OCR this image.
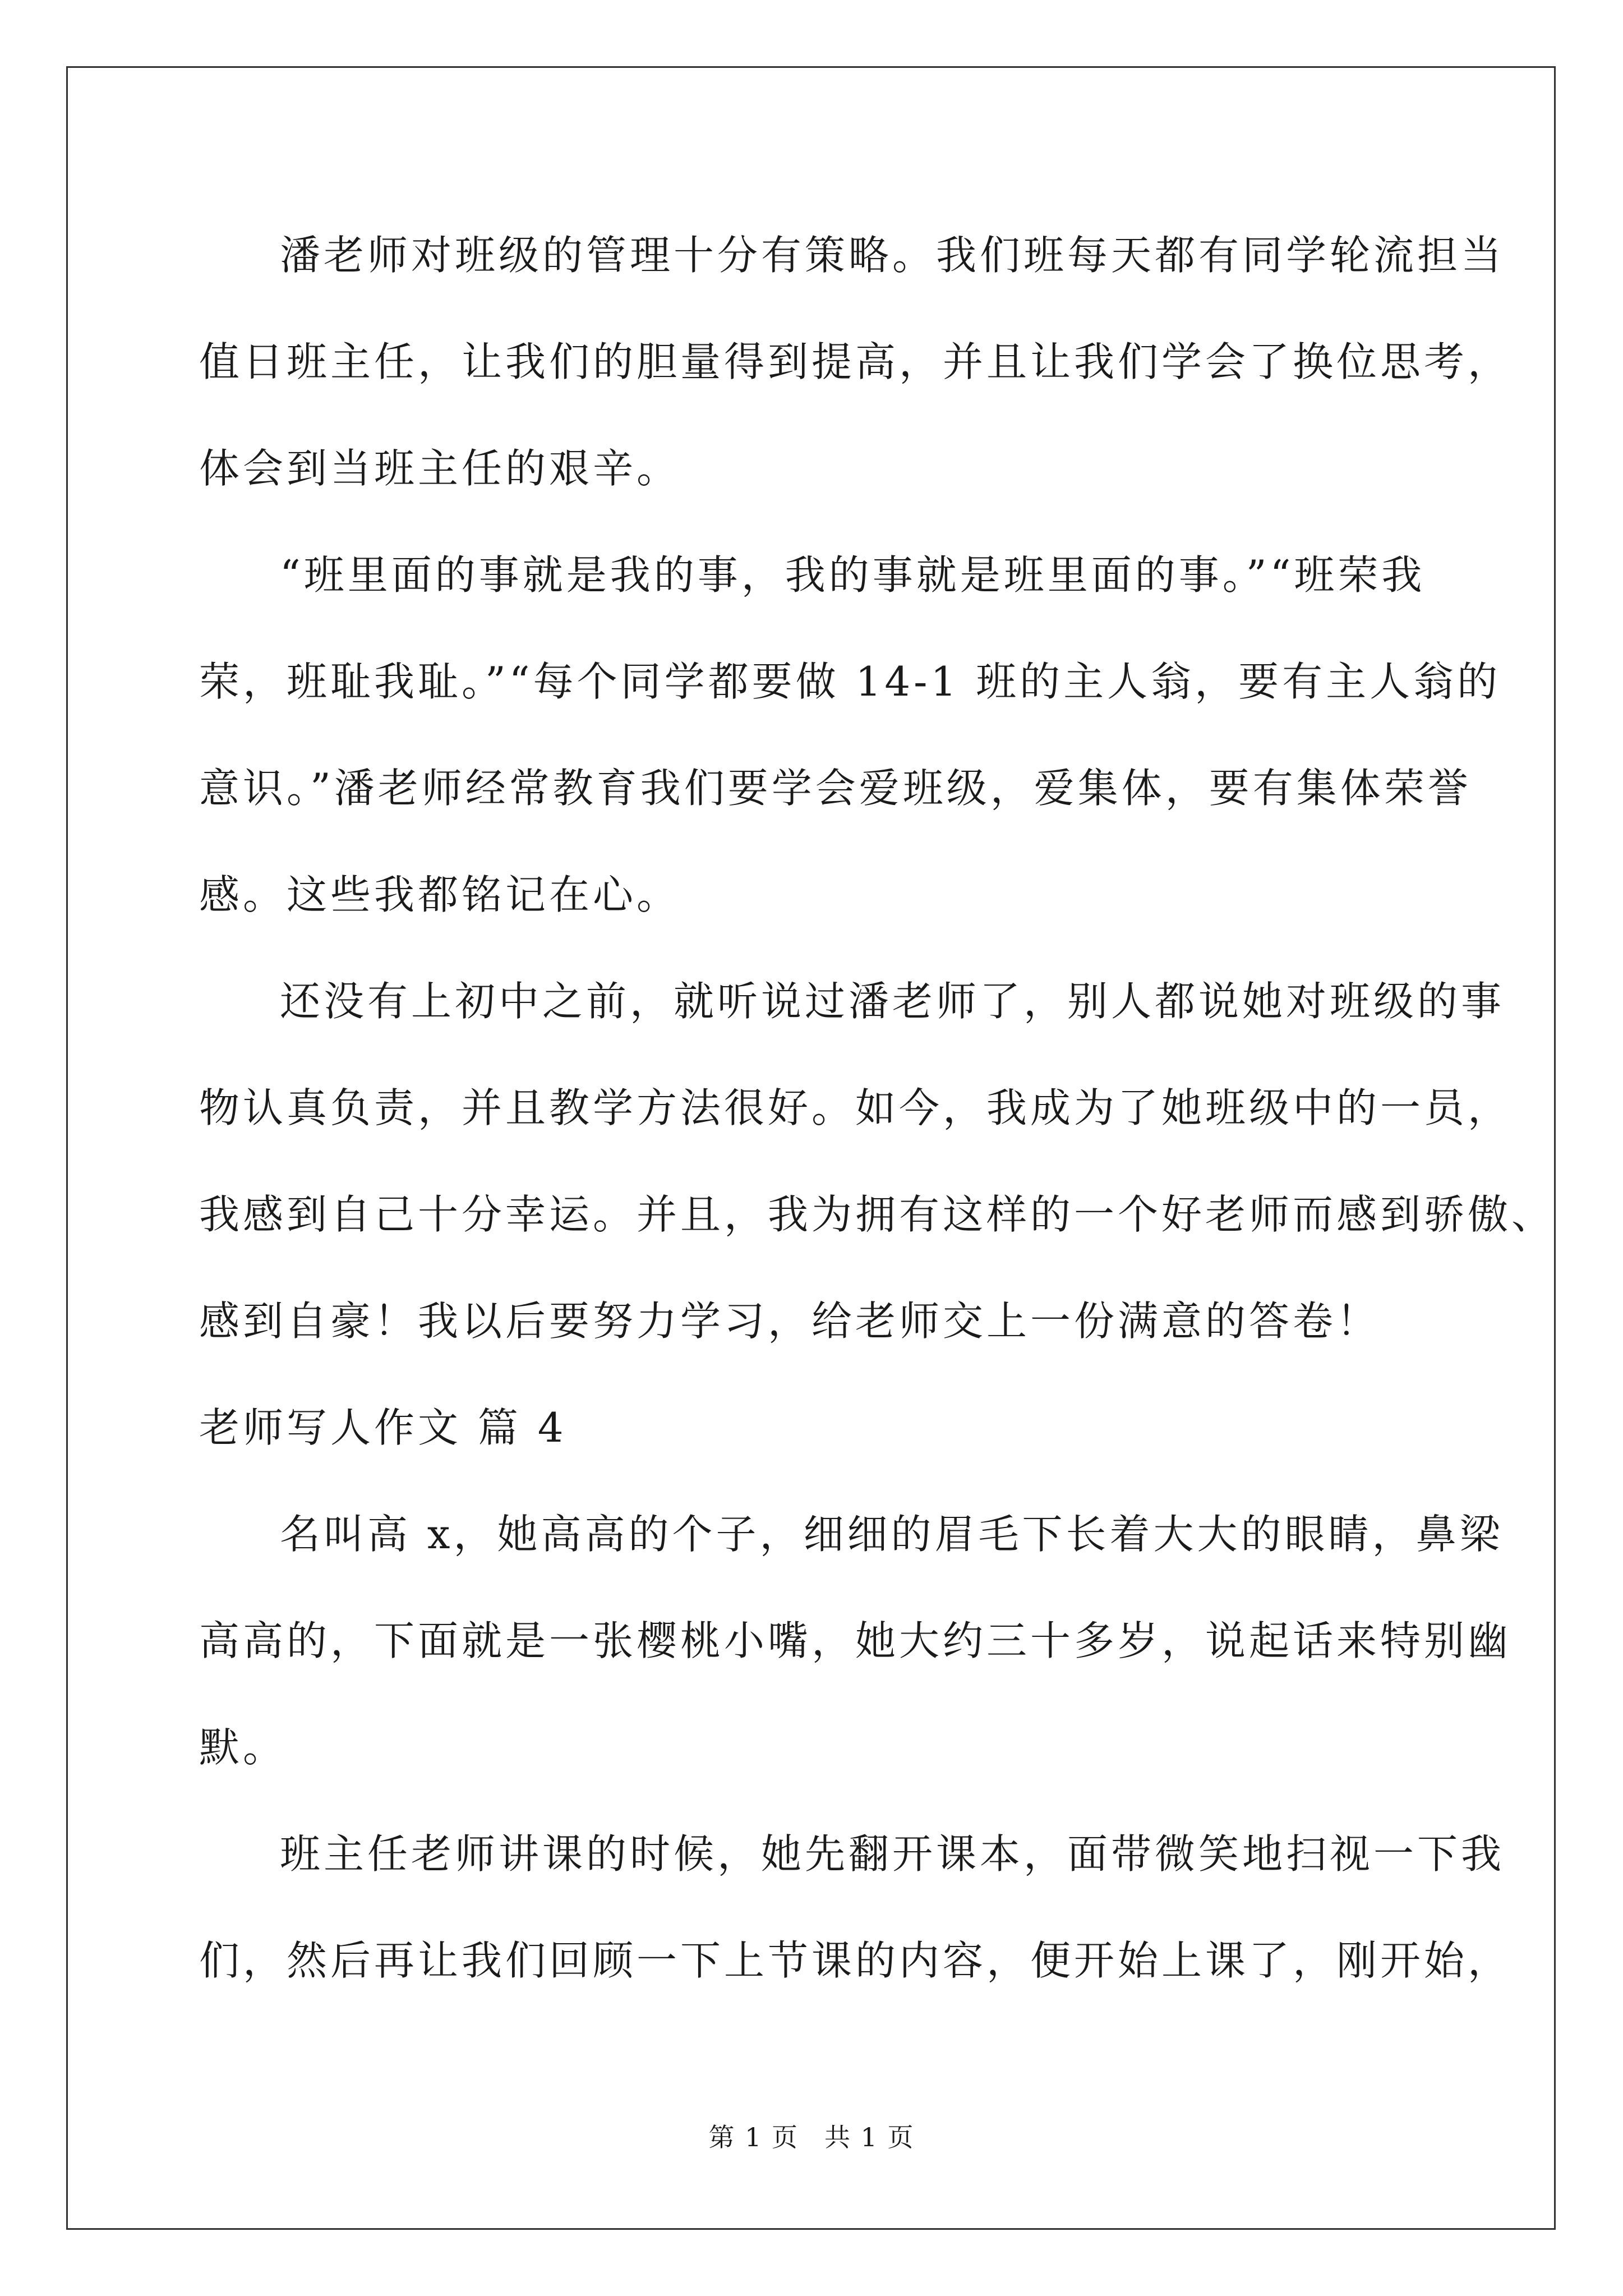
潘老师对班级的管理十分有策略。我们班每天都有同学轮流担当
值日班主任，让我们的胆量得到提高，并且让我们学会了换位思考，
体会到当班主任的艰辛。
“班里面的事就是我的事，我的事就是班里面的事。”“班荣我
荣，班耻我耻。”“每个同学都要做 14-1 班的主人翁，要有主人翁的
意识。”潘老师经常教育我们要学会爱班级，爱集体，要有集体荣誉
感。这些我都铭记在心。
还没有上初中之前，就听说过潘老师了，别人都说她对班级的事
物认真负责，并且教学方法很好。如今，我成为了她班级中的一员，
我感到自己十分幸运。并且，我为拥有这样的一个好老师而感到骄傲、
感到自豪！我以后要努力学习，给老师交上一份满意的答卷！
老师写人作文 篇 4
名叫高 x，她高高的个子，细细的眉毛下长着大大的眼睛，鼻梁
高高的，下面就是一张樱桃小嘴，她大约三十多岁，说起话来特别幽
默。
班主任老师讲课的时候，她先翻开课本，面带微笑地扫视一下我
们，然后再让我们回顾一下上节课的内容，便开始上课了，刚开始，
第 1 页 共 1 页
